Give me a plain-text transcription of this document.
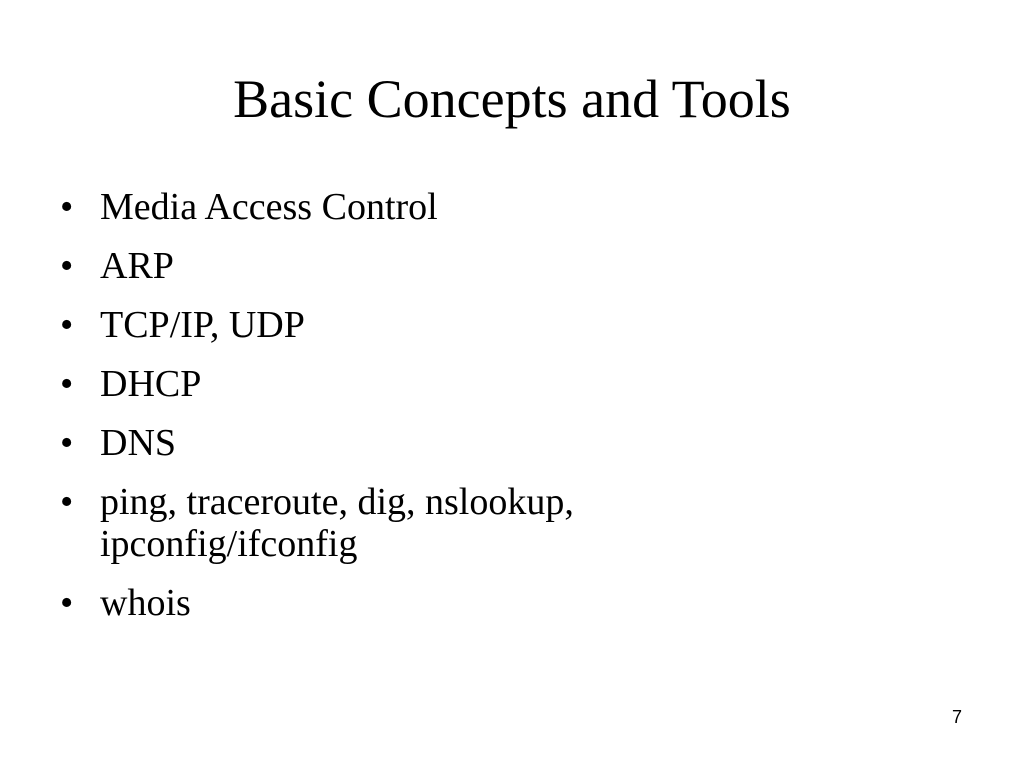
Basic Concepts and Tools
• Media Access Control
• ARP
• TCP/IP, UDP
• DHCP
• DNS
• ping, traceroute, dig, nslookup, ipconfig/ifconfig
• whois
7
